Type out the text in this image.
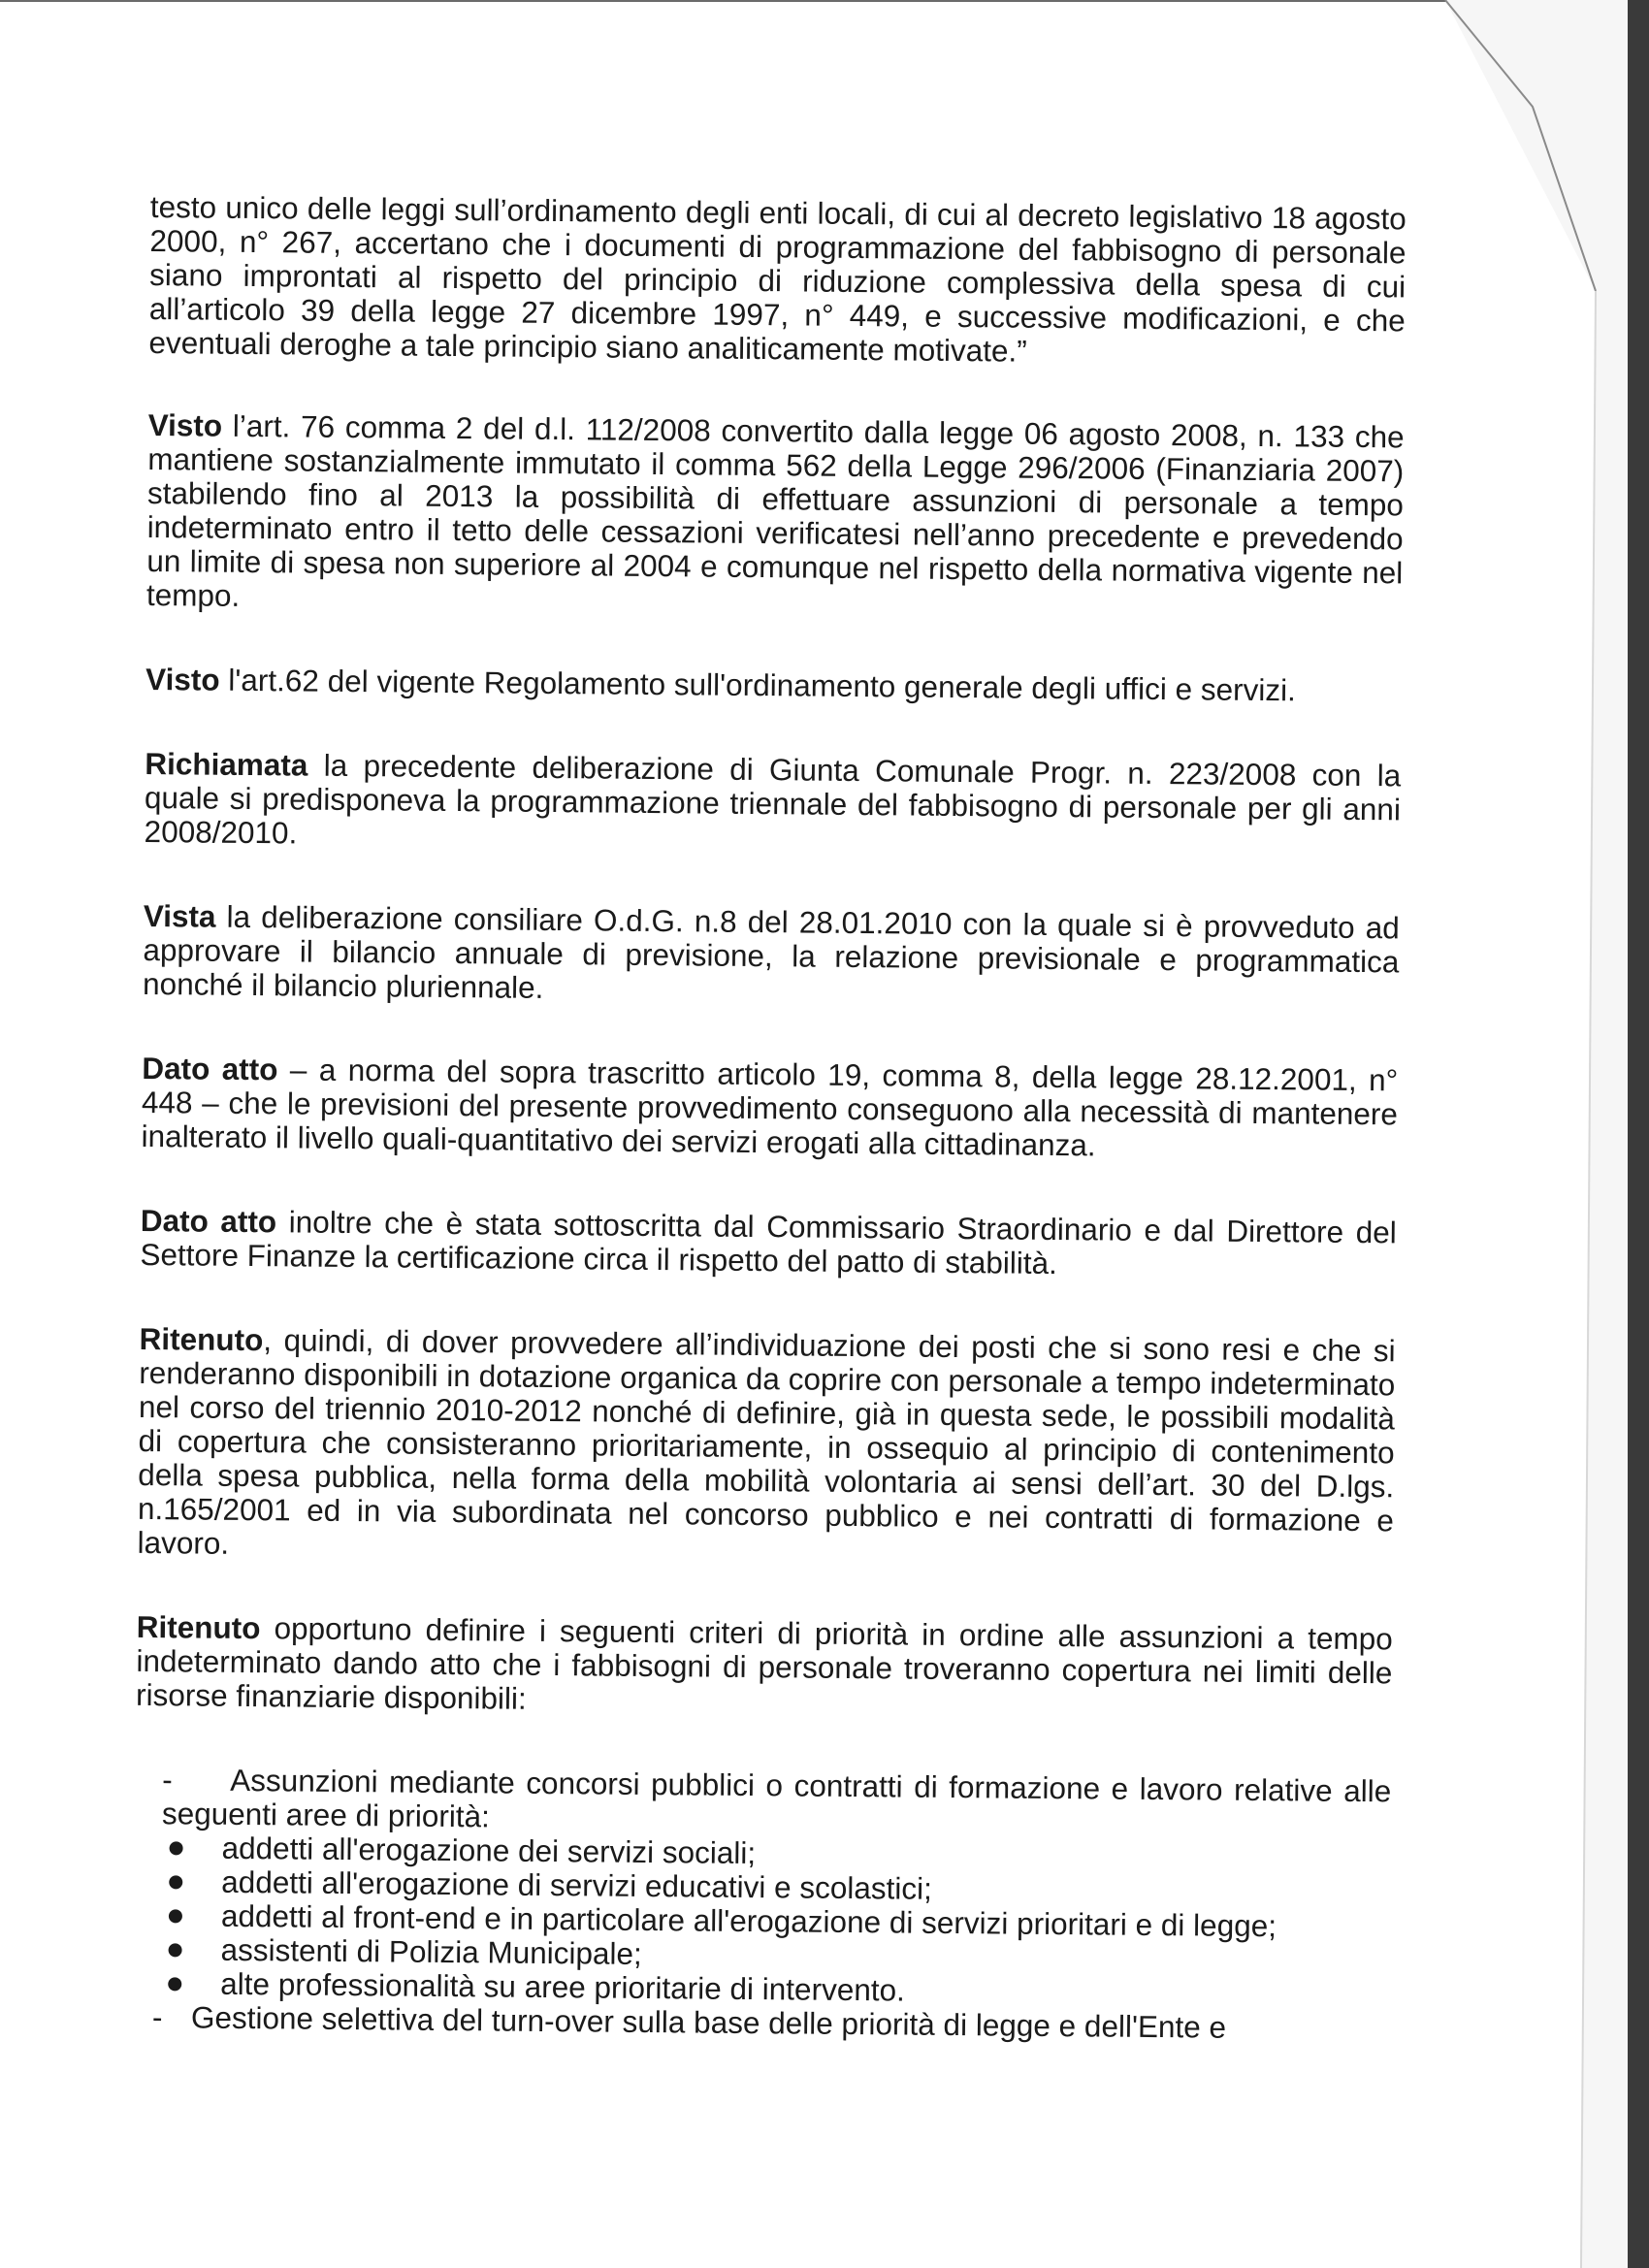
testo unico delle leggi sull’ordinamento degli enti locali, di cui al decreto legislativo 18 agosto 2000, n° 267, accertano che i documenti di programmazione del fabbisogno di personale siano improntati al rispetto del principio di riduzione complessiva della spesa di cui all’articolo 39 della legge 27 dicembre 1997, n° 449, e successive modificazioni, e che eventuali deroghe a tale principio siano analiticamente motivate.”

Visto l’art. 76 comma 2 del d.l. 112/2008 convertito dalla legge 06 agosto 2008, n. 133 che mantiene sostanzialmente immutato il comma 562 della Legge 296/2006 (Finanziaria 2007) stabilendo fino al 2013 la possibilità di effettuare assunzioni di personale a tempo indeterminato entro il tetto delle cessazioni verificatesi nell’anno precedente e prevedendo un limite di spesa non superiore al 2004 e comunque nel rispetto della normativa vigente nel tempo.

Visto l'art.62 del vigente Regolamento sull'ordinamento generale degli uffici e servizi.

Richiamata la precedente deliberazione di Giunta Comunale Progr. n. 223/2008 con la quale si predisponeva la programmazione triennale del fabbisogno di personale per gli anni 2008/2010.

Vista la deliberazione consiliare O.d.G. n.8 del 28.01.2010 con la quale si è provveduto ad approvare il bilancio annuale di previsione, la relazione previsionale e programmatica nonché il bilancio pluriennale.

Dato atto – a norma del sopra trascritto articolo 19, comma 8, della legge 28.12.2001, n° 448 – che le previsioni del presente provvedimento conseguono alla necessità di mantenere inalterato il livello quali-quantitativo dei servizi erogati alla cittadinanza.

Dato atto inoltre che è stata sottoscritta dal Commissario Straordinario e dal Direttore del Settore Finanze la certificazione circa il rispetto del patto di stabilità.

Ritenuto, quindi, di dover provvedere all’individuazione dei posti che si sono resi e che si renderanno disponibili in dotazione organica da coprire con personale a tempo indeterminato nel corso del triennio 2010-2012 nonché di definire, già in questa sede, le possibili modalità di copertura che consisteranno prioritariamente, in ossequio al principio di contenimento della spesa pubblica, nella forma della mobilità volontaria ai sensi dell’art. 30 del D.lgs. n.165/2001 ed in via subordinata nel concorso pubblico e nei contratti di formazione e lavoro.

Ritenuto opportuno definire i seguenti criteri di priorità in ordine alle assunzioni a tempo indeterminato dando atto che i fabbisogni di personale troveranno copertura nei limiti delle risorse finanziarie disponibili:

- Assunzioni mediante concorsi pubblici o contratti di formazione e lavoro relative alle seguenti aree di priorità:

addetti all'erogazione dei servizi sociali;
addetti all'erogazione di servizi educativi e scolastici;
addetti al front-end e in particolare all'erogazione di servizi prioritari e di legge;
assistenti di Polizia Municipale;
alte professionalità su aree prioritarie di intervento.

- Gestione selettiva del turn-over sulla base delle priorità di legge e dell'Ente e
